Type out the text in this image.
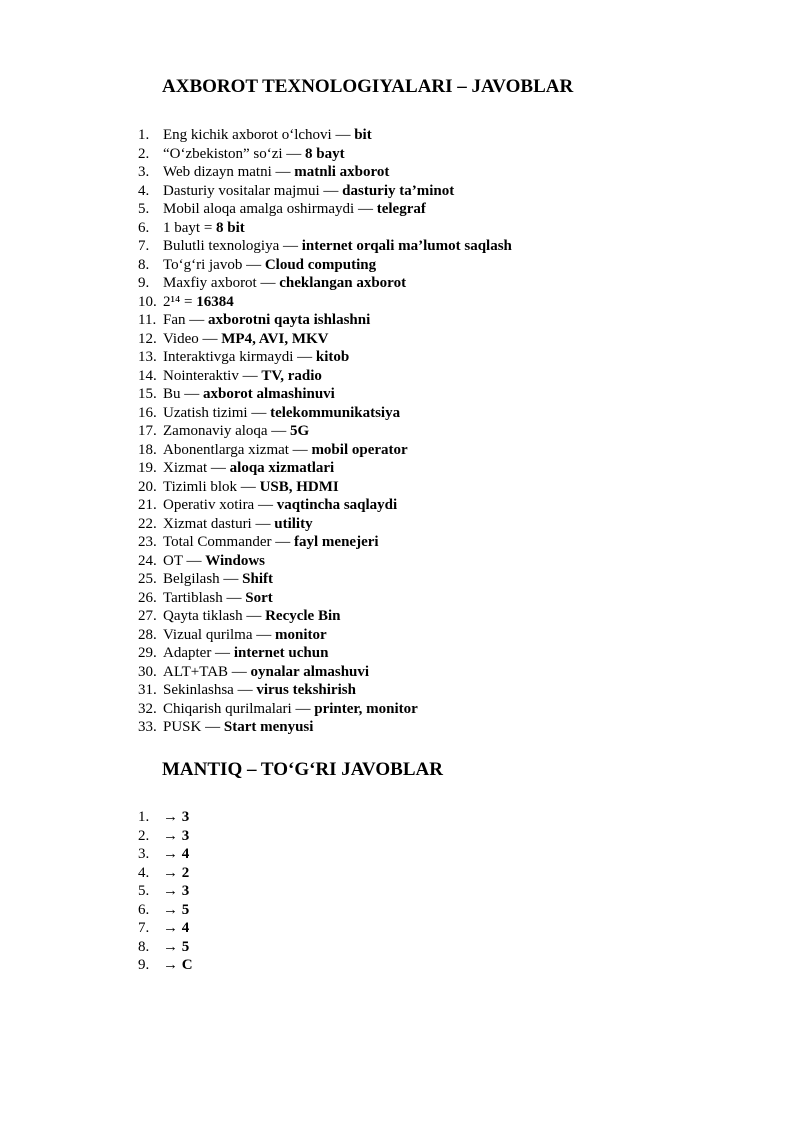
AXBOROT TEXNOLOGIYALARI – JAVOBLAR
1. Eng kichik axborot o‘lchovi — bit
2. “O‘zbekiston” so‘zi — 8 bayt
3. Web dizayn matni — matnli axborot
4. Dasturiy vositalar majmui — dasturiy ta’minot
5. Mobil aloqa amalga oshirmaydi — telegraf
6. 1 bayt = 8 bit
7. Bulutli texnologiya — internet orqali ma’lumot saqlash
8. To‘g‘ri javob — Cloud computing
9. Maxfiy axborot — cheklangan axborot
10. 2¹⁴ = 16384
11. Fan — axborotni qayta ishlashni
12. Video — MP4, AVI, MKV
13. Interaktivga kirmaydi — kitob
14. Nointeraktiv — TV, radio
15. Bu — axborot almashinuvi
16. Uzatish tizimi — telekommunikatsiya
17. Zamonaviy aloqa — 5G
18. Abonentlarga xizmat — mobil operator
19. Xizmat — aloqa xizmatlari
20. Tizimli blok — USB, HDMI
21. Operativ xotira — vaqtincha saqlaydi
22. Xizmat dasturi — utility
23. Total Commander — fayl menejeri
24. OT — Windows
25. Belgilash — Shift
26. Tartiblash — Sort
27. Qayta tiklash — Recycle Bin
28. Vizual qurilma — monitor
29. Adapter — internet uchun
30. ALT+TAB — oynalar almashuvi
31. Sekinlashsa — virus tekshirish
32. Chiqarish qurilmalari — printer, monitor
33. PUSK — Start menyusi
MANTIQ – TO‘G‘RI JAVOBLAR
1. → 3
2. → 3
3. → 4
4. → 2
5. → 3
6. → 5
7. → 4
8. → 5
9. → C
